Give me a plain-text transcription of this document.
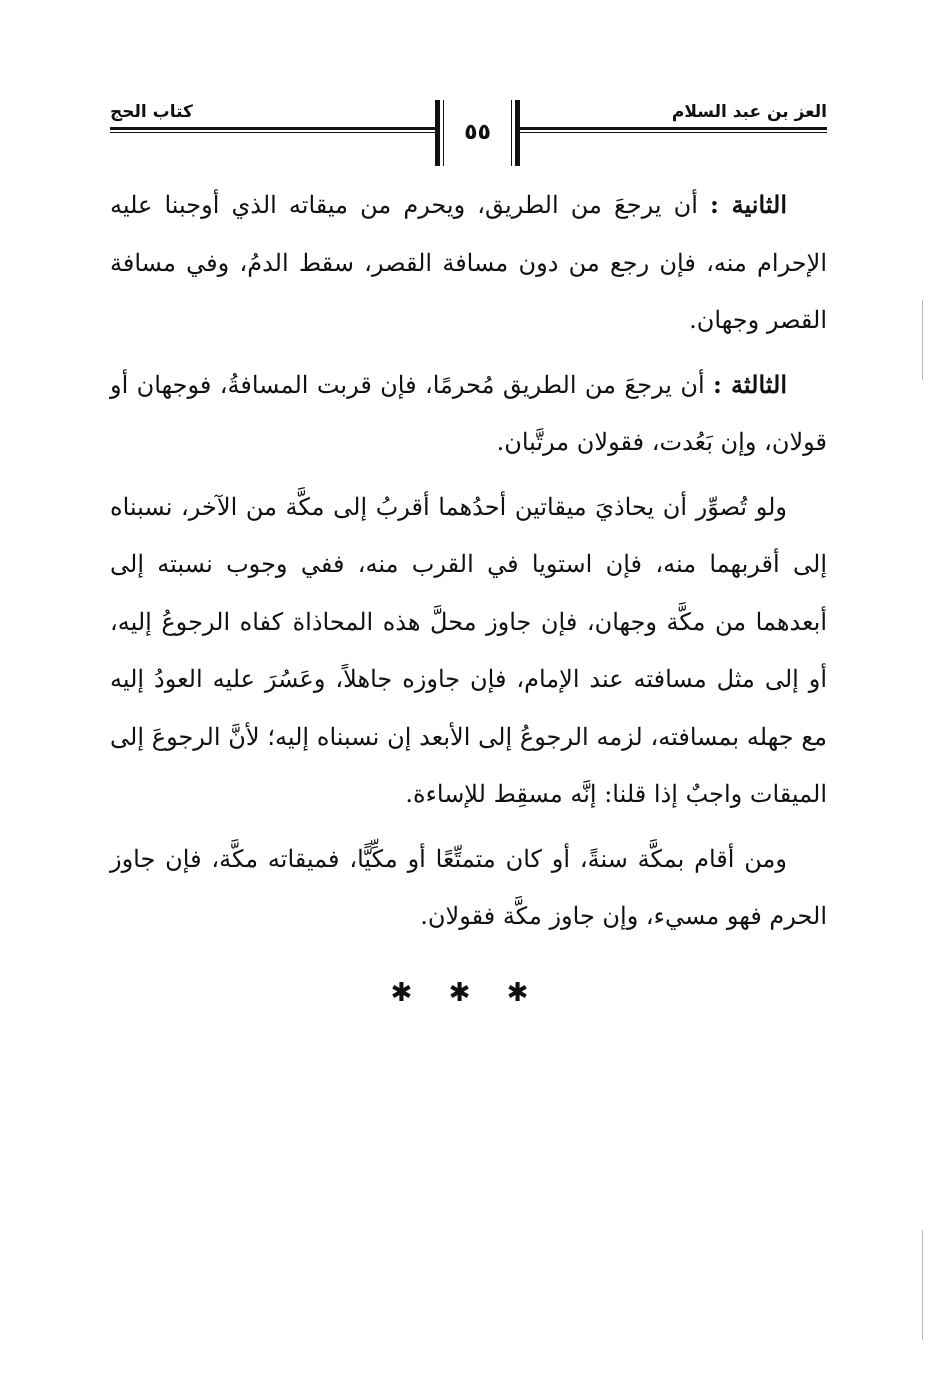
العز بن عبد السلام
كتاب الحج
٥٥

الثانية : أن يرجعَ من الطريق، ويحرم من ميقاته الذي أوجبنا عليه الإحرام منه، فإن رجع من دون مسافة القصر، سقط الدمُ، وفي مسافة القصر وجهان.

الثالثة : أن يرجعَ من الطريق مُحرمًا، فإن قربت المسافةُ، فوجهان أو قولان، وإن بَعُدت، فقولان مرتَّبان.

ولو تُصوِّر أن يحاذيَ ميقاتين أحدُهما أقربُ إلى مكَّة من الآخر، نسبناه إلى أقربهما منه، فإن استويا في القرب منه، ففي وجوب نسبته إلى أبعدهما من مكَّة وجهان، فإن جاوز محلَّ هذه المحاذاة كفاه الرجوعُ إليه، أو إلى مثل مسافته عند الإمام، فإن جاوزه جاهلاً، وعَسُرَ عليه العودُ إليه مع جهله بمسافته، لزمه الرجوعُ إلى الأبعد إن نسبناه إليه؛ لأنَّ الرجوعَ إلى الميقات واجبٌ إذا قلنا: إنَّه مسقِط للإساءة.

ومن أقام بمكَّة سنةً، أو كان متمتِّعًا أو مكِّيًّا، فميقاته مكَّة، فإن جاوز الحرم فهو مسيء، وإن جاوز مكَّة فقولان.

✱ ✱ ✱
